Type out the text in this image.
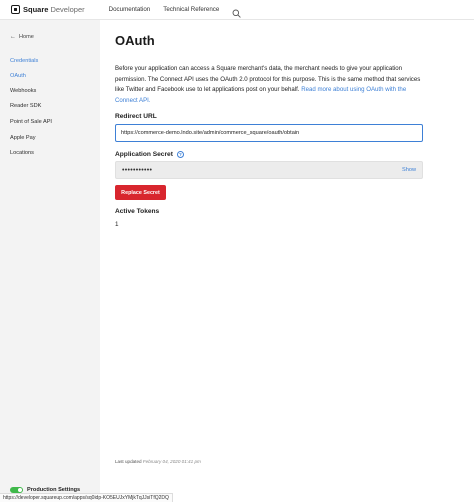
Square Developer	Documentation Technical Reference
← Home
Credentials
OAuth
Webhooks
Reader SDK
Point of Sale API
Apple Pay
Locations
Production Settings
OAuth

Before your application can access a Square merchant's data, the merchant needs to give your application permission. The Connect API uses the OAuth 2.0 protocol for this purpose. This is the same method that services like Twitter and Facebook use to let applications post on your behalf. Read more about using OAuth with the Connect API.

Redirect URL
https://commerce-demo.lndo.site/admin/commerce_square/oauth/obtain
Application Secret	?
•••••••••••	Show
Replace Secret
Active Tokens
1
Last updated February 04, 2020 01:41 pm
https://developer.squareup.com/apps/sq0idp-KO5EUJxYMjkTqJJsiTfQ2DQ
